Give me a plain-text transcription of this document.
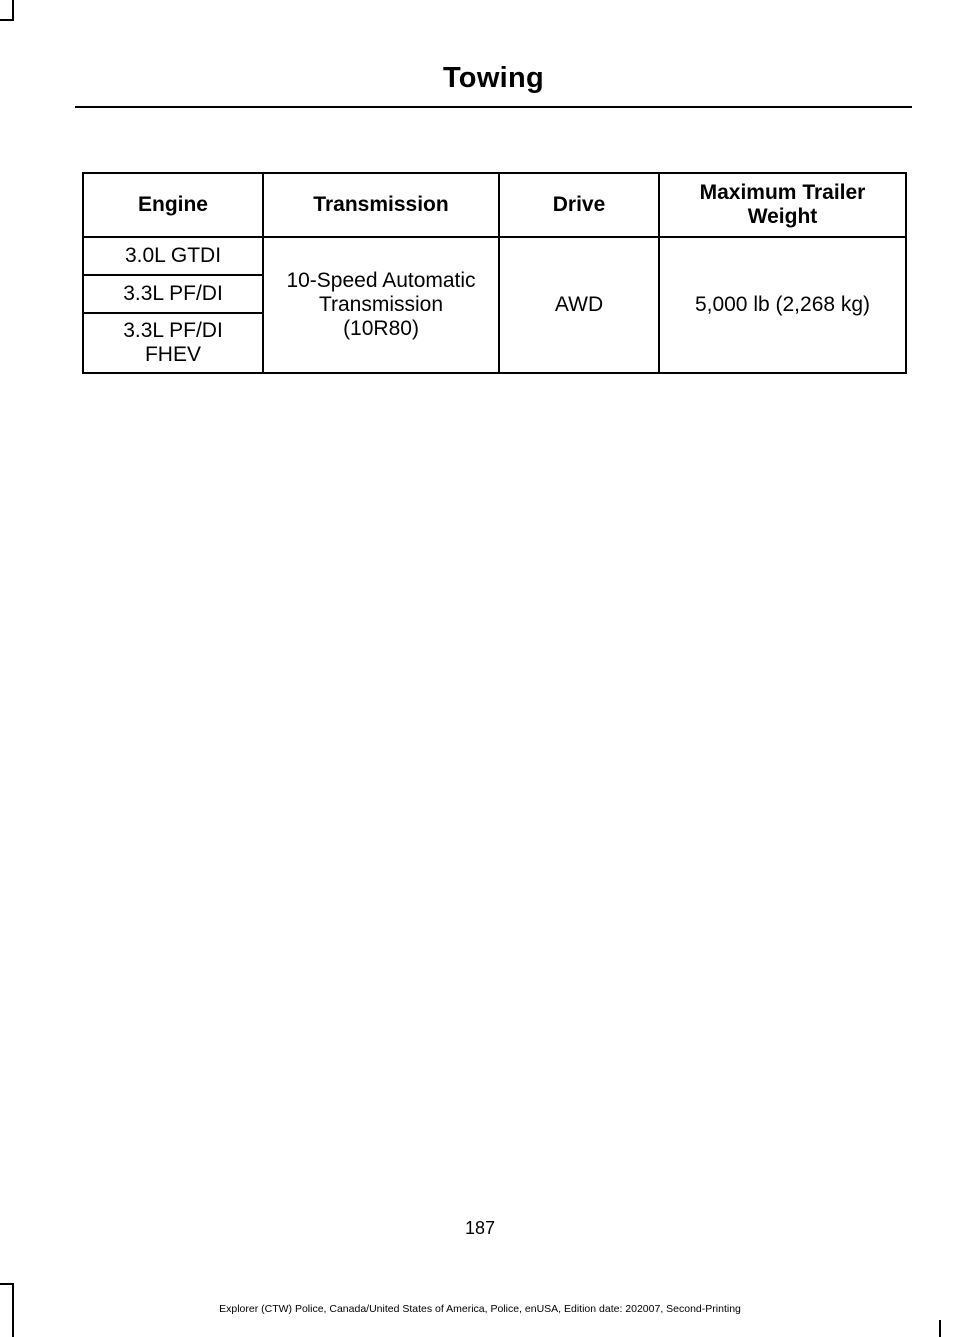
Towing
Engine	Transmission	Drive	Maximum Trailer Weight
3.0L GTDI	10-Speed Automatic Transmission (10R80)	AWD	5,000 lb (2,268 kg)
3.3L PF/DI			
3.3L PF/DI FHEV			
187
Explorer (CTW) Police, Canada/United States of America, Police, enUSA, Edition date: 202007, Second-Printing
